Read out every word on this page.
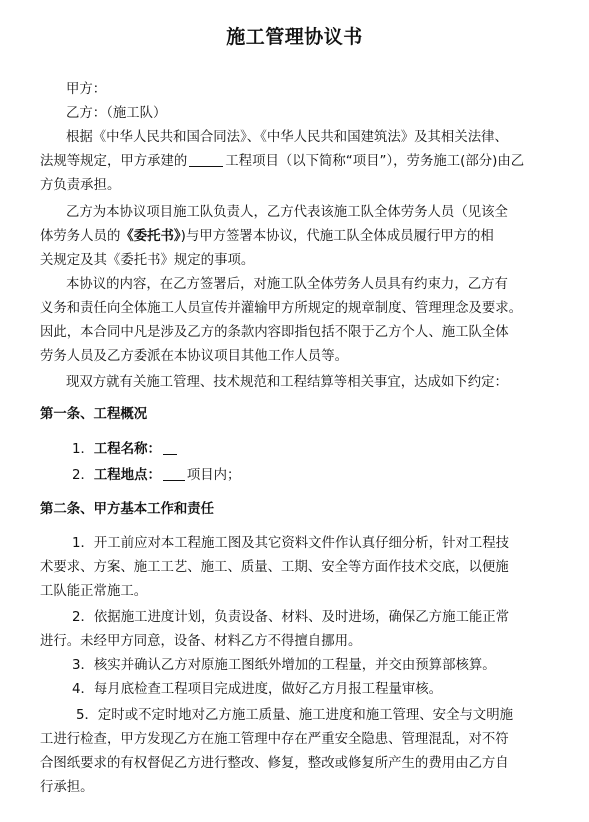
施工管理协议书
甲方：
乙方：（施工队）
根据《中华人民共和国合同法》、《中华人民共和国建筑法》及其相关法律、
法规等规定，甲方承建的	工程项目（以下简称“项目”），劳务施工(部分)由乙
方负责承担。
乙方为本协议项目施工队负责人，乙方代表该施工队全体劳务人员（见该全
体劳务人员的《委托书》)与甲方签署本协议，代施工队全体成员履行甲方的相
关规定及其《委托书》规定的事项。
本协议的内容，在乙方签署后，对施工队全体劳务人员具有约束力，乙方有
义务和责任向全体施工人员宣传并灌输甲方所规定的规章制度、管理理念及要求。
因此，本合同中凡是涉及乙方的条款内容即指包括不限于乙方个人、施工队全体
劳务人员及乙方委派在本协议项目其他工作人员等。
现双方就有关施工管理、技术规范和工程结算等相关事宜，达成如下约定：
第一条、工程概况
1．工程名称：
2．工程地点： 项目内；
第二条、甲方基本工作和责任
1．开工前应对本工程施工图及其它资料文件作认真仔细分析，针对工程技
术要求、方案、施工工艺、施工、质量、工期、安全等方面作技术交底，以便施
工队能正常施工。
2．依据施工进度计划，负责设备、材料、及时进场，确保乙方施工能正常
进行。未经甲方同意，设备、材料乙方不得擅自挪用。
3．核实并确认乙方对原施工图纸外增加的工程量，并交由预算部核算。
4．每月底检查工程项目完成进度，做好乙方月报工程量审核。
5．定时或不定时地对乙方施工质量、施工进度和施工管理、安全与文明施
工进行检查，甲方发现乙方在施工管理中存在严重安全隐患、管理混乱，对不符
合图纸要求的有权督促乙方进行整改、修复，整改或修复所产生的费用由乙方自
行承担。
